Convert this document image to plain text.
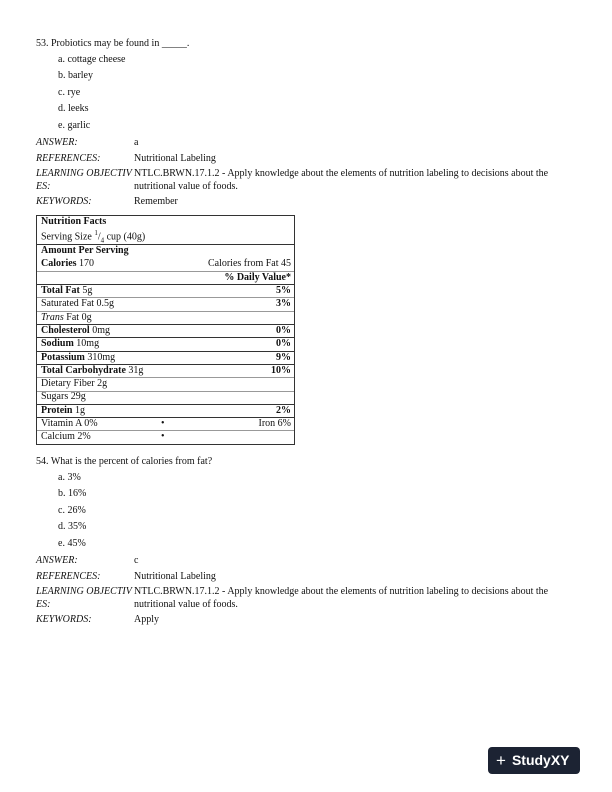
53. Probiotics may be found in _____.

a. cottage cheese

b. barley

c. rye

d. leeks

e. garlic

ANSWER:	a
REFERENCES:	Nutritional Labeling
LEARNING OBJECTIVES:
NTLC.BRWN.17.1.2 - Apply knowledge about the elements of nutrition labeling to decisions about the nutritional value of foods.
KEYWORDS:	Remember
Nutrition Facts
Serving Size $^1/_4$ cup (40g)
Amount Per Serving
Calories 170	Calories from Fat 45
% Daily Value*
Total Fat 5g	5%
Saturated Fat 0.5g	3%
Trans Fat 0g
Cholesterol 0mg	0%
Sodium 10mg	0%
Potassium 310mg	9%
Total Carbohydrate 31g	10%
Dietary Fiber 2g
Sugars 29g
Protein 1g	2%
Vitamin A 0%	•	Iron 6%
Calcium 2%	•

54. What is the percent of calories from fat?

a. 3%

b. 16%

c. 26%

d. 35%

e. 45%

ANSWER:	c
REFERENCES:	Nutritional Labeling
LEARNING OBJECTIVES:
NTLC.BRWN.17.1.2 - Apply knowledge about the elements of nutrition labeling to decisions about the nutritional value of foods.
KEYWORDS:	Apply
+ StudyXY
